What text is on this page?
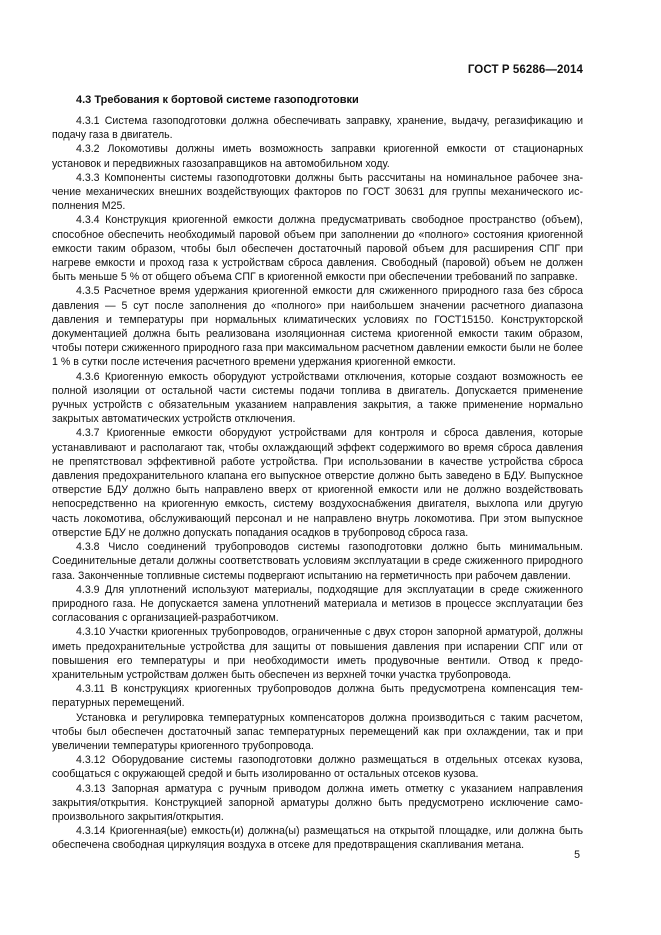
ГОСТ Р 56286—2014
4.3 Требования к бортовой системе газоподготовки

4.3.1 Система газоподготовки должна обеспечивать заправку, хранение, выдачу, регазификацию и подачу газа в двигатель.

4.3.2 Локомотивы должны иметь возможность заправки криогенной емкости от стационарных установок и передвижных газозаправщиков на автомобильном ходу.

4.3.3 Компоненты системы газоподготовки должны быть рассчитаны на номинальное рабочее значение механических внешних воздействующих факторов по ГОСТ 30631 для группы механического исполнения М25.

4.3.4 Конструкция криогенной емкости должна предусматривать свободное пространство (объем), способное обеспечить необходимый паровой объем при заполнении до «полного» состояния криогенной емкости таким образом, чтобы был обеспечен достаточный паровой объем для расширения СПГ при нагреве емкости и проход газа к устройствам сброса давления. Свободный (паровой) объем не должен быть меньше 5 % от общего объема СПГ в криогенной емкости при обеспечении требований по заправке.

4.3.5 Расчетное время удержания криогенной емкости для сжиженного природного газа без сброса давления — 5 сут после заполнения до «полного» при наибольшем значении расчетного диапазона давления и температуры при нормальных климатических условиях по ГОСТ15150. Конструкторской документацией должна быть реализована изоляционная система криогенной емкости таким образом, чтобы потери сжиженного природного газа при максимальном расчетном давлении емкости были не более 1 % в сутки после истечения расчетного времени удержания криогенной емкости.

4.3.6 Криогенную емкость оборудуют устройствами отключения, которые создают возможность ее полной изоляции от остальной части системы подачи топлива в двигатель. Допускается применение ручных устройств с обязательным указанием направления закрытия, а также применение нормально закрытых автоматических устройств отключения.

4.3.7 Криогенные емкости оборудуют устройствами для контроля и сброса давления, которые устанавливают и располагают так, чтобы охлаждающий эффект содержимого во время сброса давления не препятствовал эффективной работе устройства. При использовании в качестве устройства сброса давления предохранительного клапана его выпускное отверстие должно быть заведено в БДУ. Выпускное отверстие БДУ должно быть направлено вверх от криогенной емкости или не должно воздействовать непосредственно на криогенную емкость, систему воздухоснабжения двигателя, выхлопа или другую часть локомотива, обслуживающий персонал и не направлено внутрь локомотива. При этом выпускное отверстие БДУ не должно допускать попадания осадков в трубопровод сброса газа.

4.3.8 Число соединений трубопроводов системы газоподготовки должно быть минимальным. Соединительные детали должны соответствовать условиям эксплуатации в среде сжиженного природного газа. Законченные топливные системы подвергают испытанию на герметичность при рабочем давлении.

4.3.9 Для уплотнений используют материалы, подходящие для эксплуатации в среде сжиженного природного газа. Не допускается замена уплотнений материала и метизов в процессе эксплуатации без согласования с организацией-разработчиком.

4.3.10 Участки криогенных трубопроводов, ограниченные с двух сторон запорной арматурой, должны иметь предохранительные устройства для защиты от повышения давления при испарении СПГ или от повышения его температуры и при необходимости иметь продувочные вентили. Отвод к предохранительным устройствам должен быть обеспечен из верхней точки участка трубопровода.

4.3.11 В конструкциях криогенных трубопроводов должна быть предусмотрена компенсация температурных перемещений.

Установка и регулировка температурных компенсаторов должна производиться с таким расчетом, чтобы был обеспечен достаточный запас температурных перемещений как при охлаждении, так и при увеличении температуры криогенного трубопровода.

4.3.12 Оборудование системы газоподготовки должно размещаться в отдельных отсеках кузова, сообщаться с окружающей средой и быть изолированно от остальных отсеков кузова.

4.3.13 Запорная арматура с ручным приводом должна иметь отметку с указанием направления закрытия/открытия. Конструкцией запорной арматуры должно быть предусмотрено исключение самопроизвольного закрытия/открытия.

4.3.14 Криогенная(ые) емкость(и) должна(ы) размещаться на открытой площадке, или должна быть обеспечена свободная циркуляция воздуха в отсеке для предотвращения скапливания метана.

5
